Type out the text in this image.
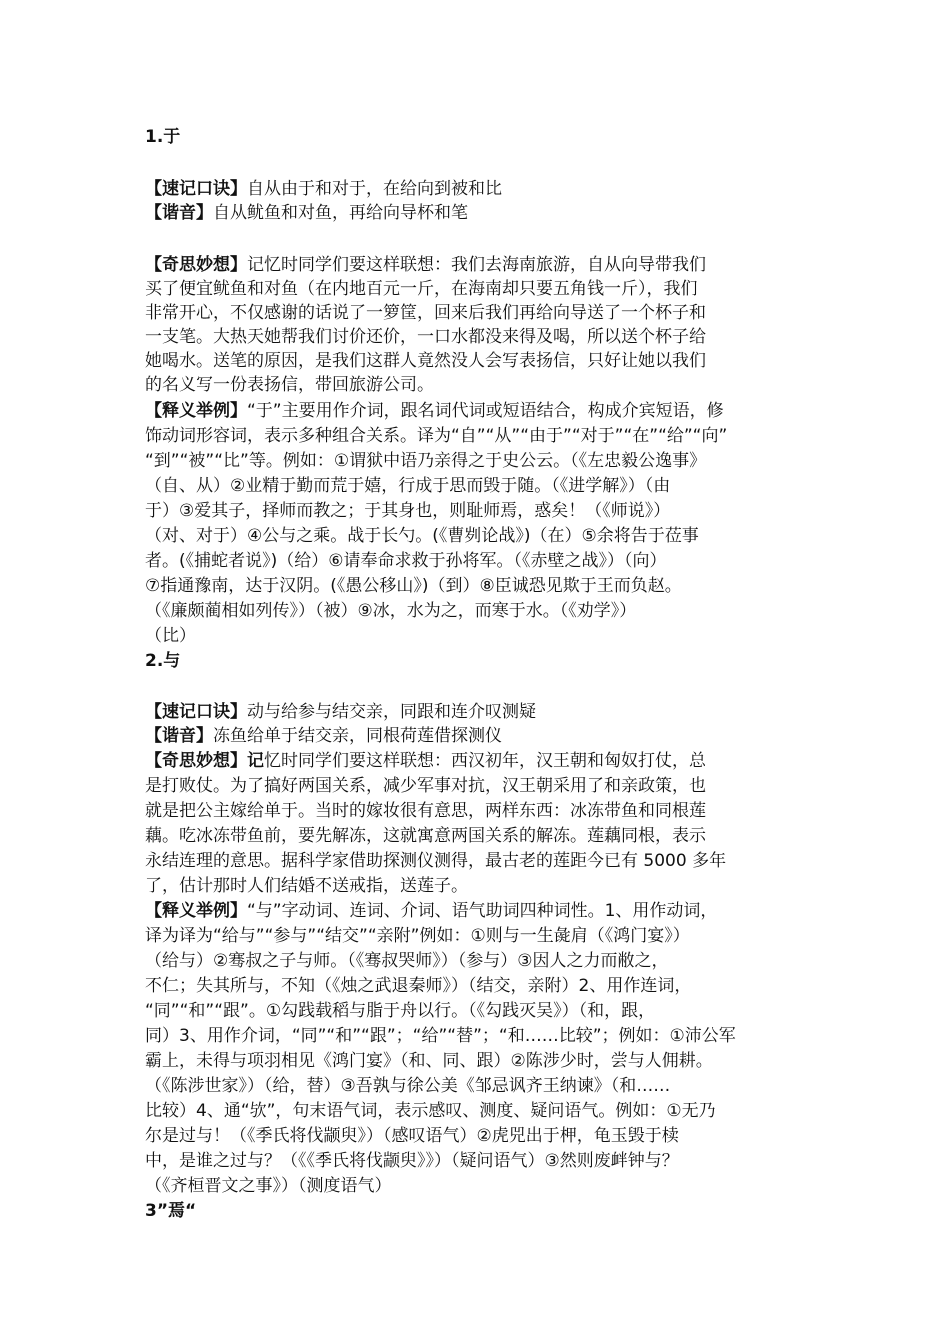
1.于
【速记口诀】自从由于和对于，在给向到被和比
【谐音】自从鱿鱼和对鱼，再给向导杯和笔
【奇思妙想】记忆时同学们要这样联想：我们去海南旅游，自从向导带我们
买了便宜鱿鱼和对鱼（在内地百元一斤，在海南却只要五角钱一斤），我们
非常开心，不仅感谢的话说了一箩筐，回来后我们再给向导送了一个杯子和
一支笔。大热天她帮我们讨价还价，一口水都没来得及喝，所以送个杯子给
她喝水。送笔的原因，是我们这群人竟然没人会写表扬信，只好让她以我们
的名义写一份表扬信，带回旅游公司。
【释义举例】“于”主要用作介词，跟名词代词或短语结合，构成介宾短语，修
饰动词形容词，表示多种组合关系。译为“自”“从”“由于”“对于”“在”“给”“向”
“到”“被”“比”等。例如：①谓狱中语乃亲得之于史公云。（《左忠毅公逸事》
（自、从）②业精于勤而荒于嬉，行成于思而毁于随。（《进学解》）（由
于）③爱其子，择师而教之；于其身也，则耻师焉，惑矣！（《师说》）
（对、对于）④公与之乘。战于长勺。(《曹刿论战》)（在）⑤余将告于莅事
者。(《捕蛇者说》)（给）⑥请奉命求救于孙将军。（《赤壁之战》）（向）
⑦指通豫南，达于汉阴。(《愚公移山》)（到）⑧臣诚恐见欺于王而负赵。
（《廉颇蔺相如列传》）（被）⑨冰，水为之，而寒于水。（《劝学》）
（比）
2.与
【速记口诀】动与给参与结交亲，同跟和连介叹测疑
【谐音】冻鱼给单于结交亲，同根荷莲借探测仪
【奇思妙想】记忆时同学们要这样联想：西汉初年，汉王朝和匈奴打仗，总
是打败仗。为了搞好两国关系，减少军事对抗，汉王朝采用了和亲政策，也
就是把公主嫁给单于。当时的嫁妆很有意思，两样东西：冰冻带鱼和同根莲
藕。吃冰冻带鱼前，要先解冻，这就寓意两国关系的解冻。莲藕同根，表示
永结连理的意思。据科学家借助探测仪测得，最古老的莲距今已有 5000 多年
了，估计那时人们结婚不送戒指，送莲子。
【释义举例】“与”字动词、连词、介词、语气助词四种词性。1、用作动词，
译为译为“给与”“参与”“结交”“亲附”例如：①则与一生彘肩（《鸿门宴》）
（给与）②骞叔之子与师。（《骞叔哭师》）（参与）③因人之力而敝之，
不仁；失其所与，不知（《烛之武退秦师》）（结交，亲附）2、用作连词，
“同”“和”“跟”。①勾践载稻与脂于舟以行。（《勾践灭吴》）（和，跟，
同）3、用作介词，“同”“和”“跟”；“给”“替”；“和……比较”；例如：①沛公军
霸上，未得与项羽相见《鸿门宴》（和、同、跟）②陈涉少时，尝与人佣耕。
（《陈涉世家》）（给，替）③吾孰与徐公美《邹忌讽齐王纳谏》（和……
比较）4、通“欤”，句末语气词，表示感叹、测度、疑问语气。例如：①无乃
尔是过与！（《季氏将伐颛臾》）（感叹语气）②虎兕出于柙，龟玉毁于椟
中，是谁之过与？（《《季氏将伐颛臾》》）（疑问语气）③然则废衅钟与？
（《齐桓晋文之事》）（测度语气）
3”焉“
